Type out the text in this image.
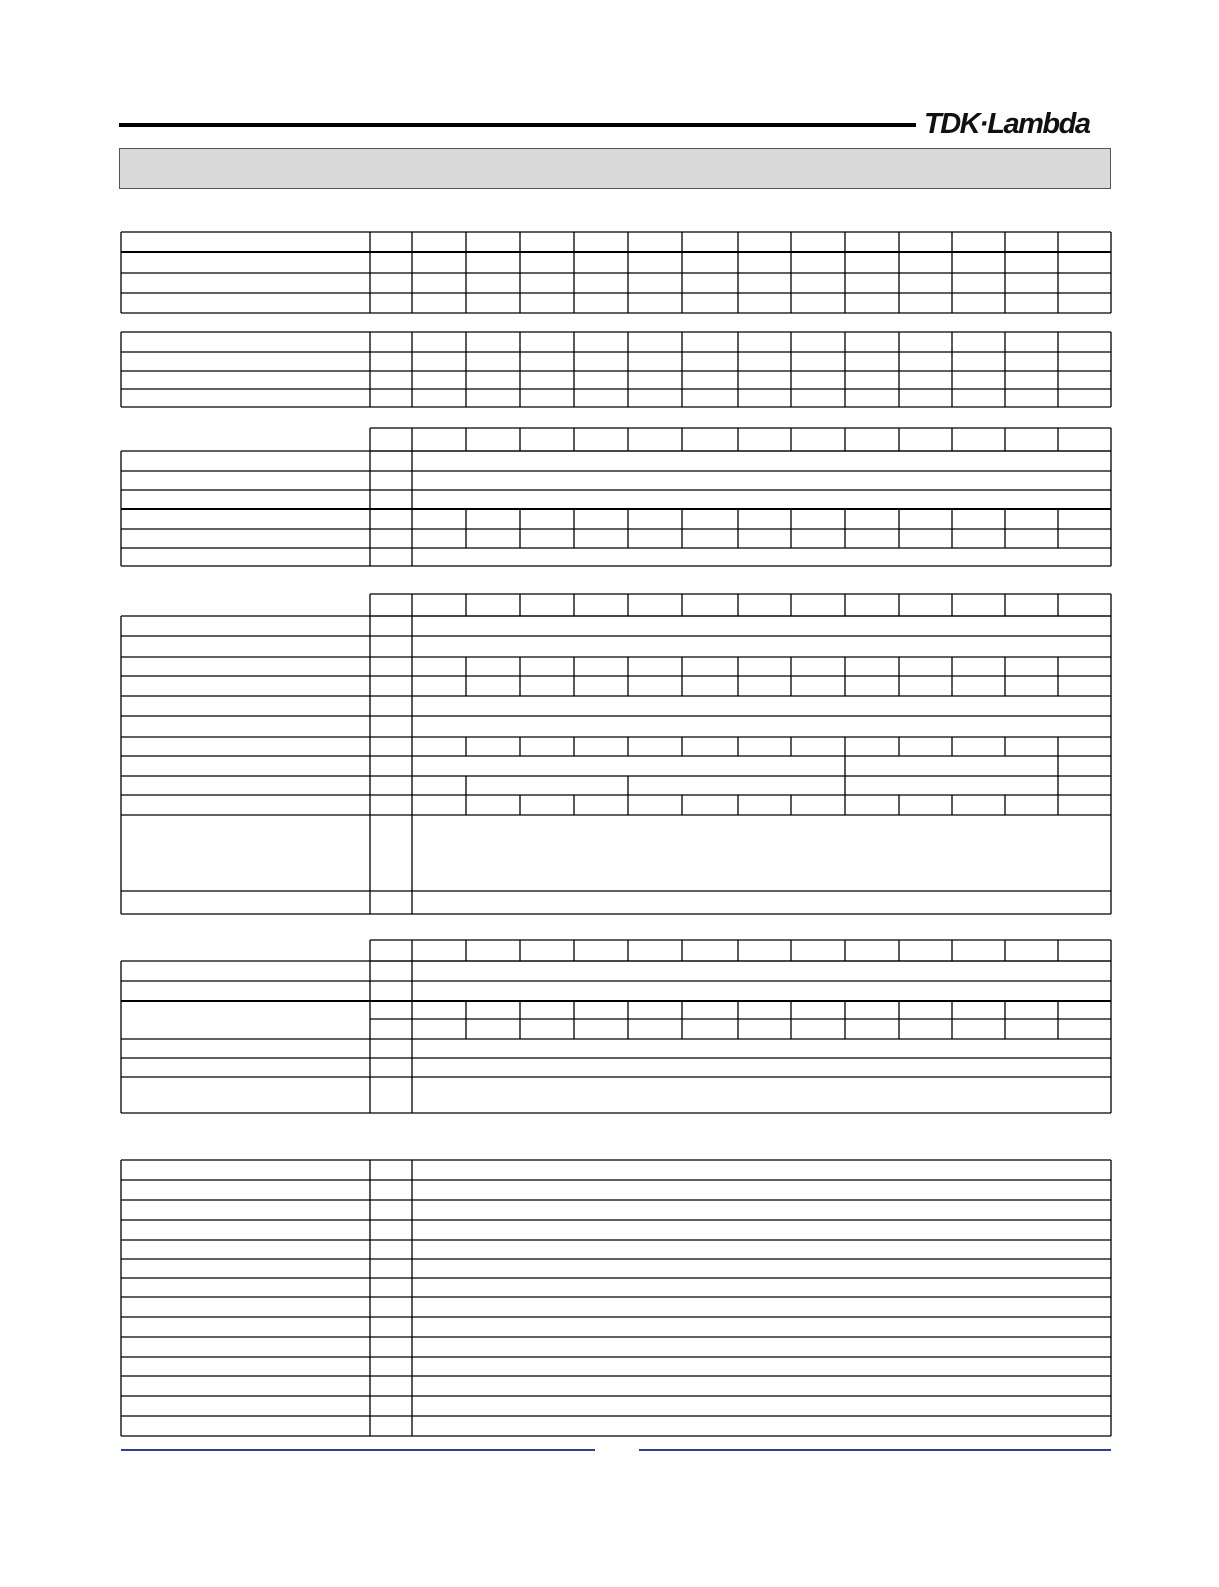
TDK·Lambda
